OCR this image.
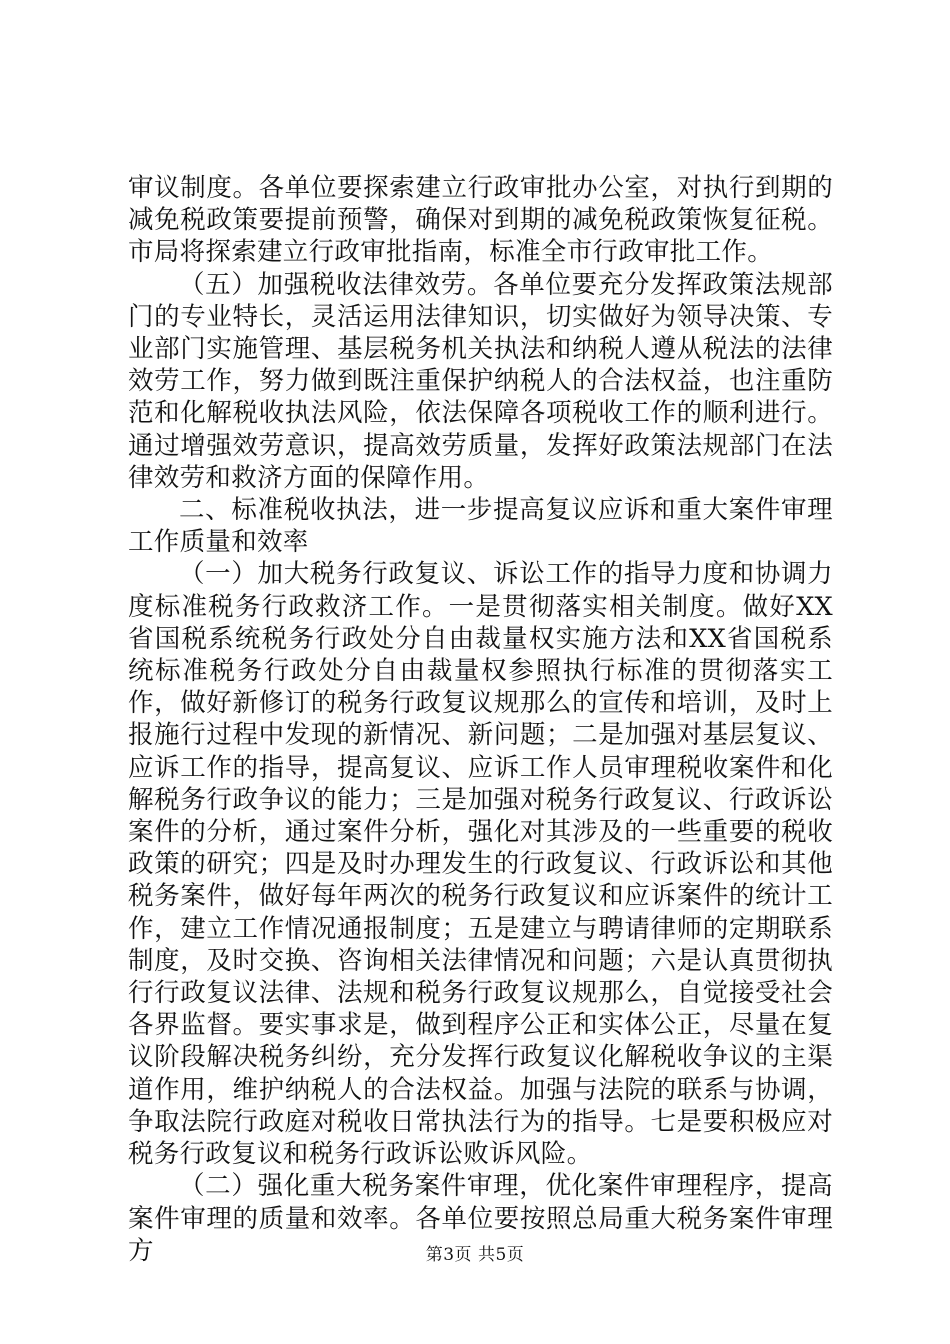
审议制度。各单位要探索建立行政审批办公室，对执行到期的减免税政策要提前预警，确保对到期的减免税政策恢复征税。市局将探索建立行政审批指南，标准全市行政审批工作。

（五）加强税收法律效劳。各单位要充分发挥政策法规部门的专业特长，灵活运用法律知识，切实做好为领导决策、专业部门实施管理、基层税务机关执法和纳税人遵从税法的法律效劳工作，努力做到既注重保护纳税人的合法权益，也注重防范和化解税收执法风险，依法保障各项税收工作的顺利进行。通过增强效劳意识，提高效劳质量，发挥好政策法规部门在法律效劳和救济方面的保障作用。

二、标准税收执法，进一步提高复议应诉和重大案件审理工作质量和效率

（一）加大税务行政复议、诉讼工作的指导力度和协调力度标准税务行政救济工作。一是贯彻落实相关制度。做好XX省国税系统税务行政处分自由裁量权实施方法和XX省国税系统标准税务行政处分自由裁量权参照执行标准的贯彻落实工作，做好新修订的税务行政复议规那么的宣传和培训，及时上报施行过程中发现的新情况、新问题；二是加强对基层复议、应诉工作的指导，提高复议、应诉工作人员审理税收案件和化解税务行政争议的能力；三是加强对税务行政复议、行政诉讼案件的分析，通过案件分析，强化对其涉及的一些重要的税收政策的研究；四是及时办理发生的行政复议、行政诉讼和其他税务案件，做好每年两次的税务行政复议和应诉案件的统计工作，建立工作情况通报制度；五是建立与聘请律师的定期联系制度，及时交换、咨询相关法律情况和问题；六是认真贯彻执行行政复议法律、法规和税务行政复议规那么，自觉接受社会各界监督。要实事求是，做到程序公正和实体公正，尽量在复议阶段解决税务纠纷，充分发挥行政复议化解税收争议的主渠道作用，维护纳税人的合法权益。加强与法院的联系与协调，争取法院行政庭对税收日常执法行为的指导。七是要积极应对税务行政复议和税务行政诉讼败诉风险。

（二）强化重大税务案件审理，优化案件审理程序，提高案件审理的质量和效率。各单位要按照总局重大税务案件审理方	第3页 共5页
